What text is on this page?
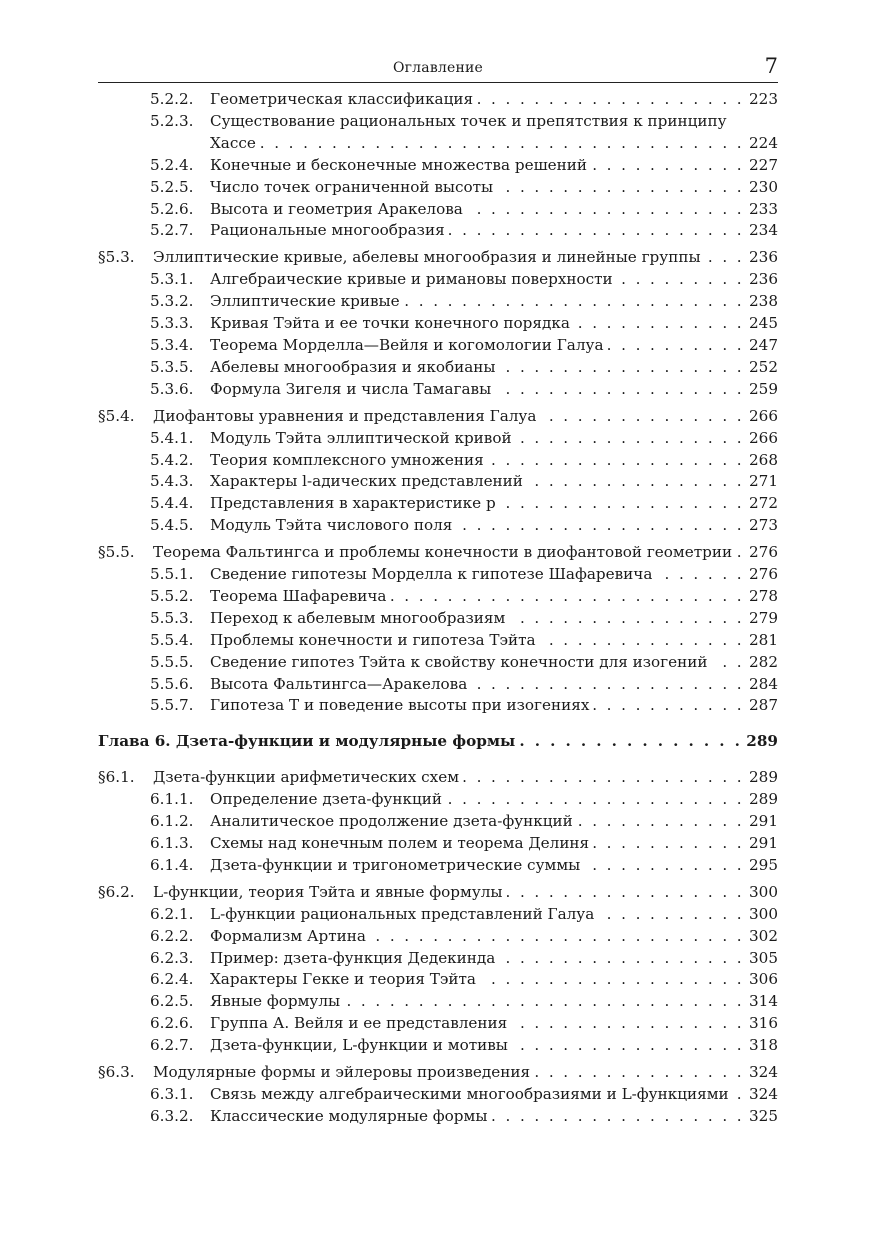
Оглавление	7
5.2.2.	Геометрическая классификация . . .	223
5.2.3.	Существование рациональных точек и препятствия к принципу
Хассе . . .	224
5.2.4.	Конечные и бесконечные множества решений . . .	227
5.2.5.	Число точек ограниченной высоты . . .	230
5.2.6.	Высота и геометрия Аракелова . . .	233
5.2.7.	Рациональные многообразия . . .	234
§5.3.	Эллиптические кривые, абелевы многообразия и линейные группы . . .	236
5.3.1.	Алгебраические кривые и римановы поверхности . . .	236
5.3.2.	Эллиптические кривые . . .	238
5.3.3.	Кривая Тэйта и ее точки конечного порядка . . .	245
5.3.4.	Теорема Морделла—Вейля и когомологии Галуа . . .	247
5.3.5.	Абелевы многообразия и якобианы . . .	252
5.3.6.	Формула Зигеля и числа Тамагавы . . .	259
§5.4.	Диофантовы уравнения и представления Галуа . . .	266
5.4.1.	Модуль Тэйта эллиптической кривой . . .	266
5.4.2.	Теория комплексного умножения . . .	268
5.4.3.	Характеры l-адических представлений . . .	271
5.4.4.	Представления в характеристике p . . .	272
5.4.5.	Модуль Тэйта числового поля . . .	273
§5.5.	Теорема Фальтингса и проблемы конечности в диофантовой геометрии . . . 276
5.5.1.	Сведение гипотезы Морделла к гипотезе Шафаревича . . .	276
5.5.2.	Теорема Шафаревича . . .	278
5.5.3.	Переход к абелевым многообразиям . . .	279
5.5.4.	Проблемы конечности и гипотеза Тэйта . . .	281
5.5.5.	Сведение гипотез Тэйта к свойству конечности для изогений . . .	282
5.5.6.	Высота Фальтингса—Аракелова . . .	284
5.5.7.	Гипотеза T и поведение высоты при изогениях . . .	287
Глава 6. Дзета-функции и модулярные формы . . .	289
§6.1.	Дзета-функции арифметических схем . . .	289
6.1.1.	Определение дзета-функций . . .	289
6.1.2.	Аналитическое продолжение дзета-функций . . .	291
6.1.3.	Схемы над конечным полем и теорема Делиня . . .	291
6.1.4.	Дзета-функции и тригонометрические суммы . . .	295
§6.2.	L-функции, теория Тэйта и явные формулы . . .	300
6.2.1.	L-функции рациональных представлений Галуа . . .	300
6.2.2.	Формализм Артина . . .	302
6.2.3.	Пример: дзета-функция Дедекинда . . .	305
6.2.4.	Характеры Гекке и теория Тэйта . . .	306
6.2.5.	Явные формулы . . .	314
6.2.6.	Группа А. Вейля и ее представления . . .	316
6.2.7.	Дзета-функции, L-функции и мотивы . . .	318
§6.3.	Модулярные формы и эйлеровы произведения . . .	324
6.3.1.	Связь между алгебраическими многообразиями и L-функциями . . . 324
6.3.2.	Классические модулярные формы . . .	325
